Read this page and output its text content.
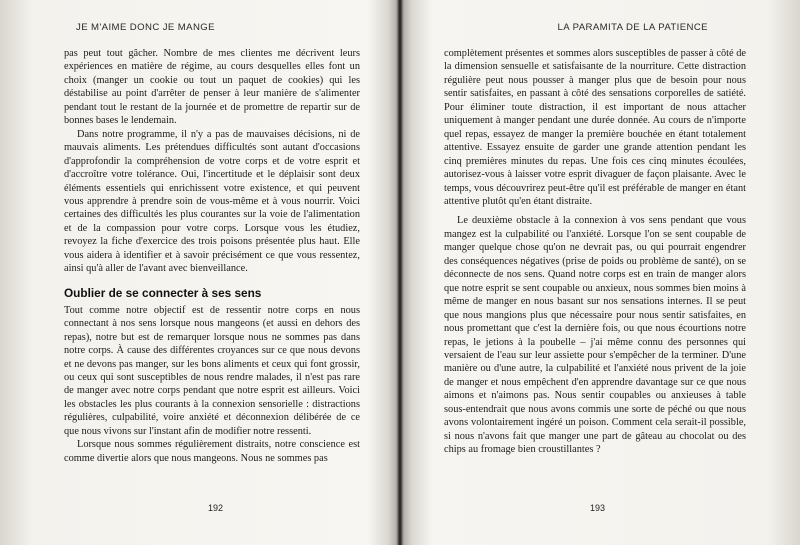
JE M'AIME DONC JE MANGE

pas peut tout gâcher. Nombre de mes clientes me décrivent leurs expériences en matière de régime, au cours desquelles elles font un choix (manger un cookie ou tout un paquet de cookies) qui les déstabilise au point d'arrêter de penser à leur manière de s'alimenter pendant tout le restant de la journée et de promettre de repartir sur de bonnes bases le lendemain.

Dans notre programme, il n'y a pas de mauvaises décisions, ni de mauvais aliments. Les prétendues difficultés sont autant d'occasions d'approfondir la compréhension de votre corps et de votre esprit et d'accroître votre tolérance. Oui, l'incertitude et le déplaisir sont deux éléments essentiels qui enrichissent votre existence, et qui peuvent vous apprendre à prendre soin de vous-même et à vous nourrir. Voici certaines des difficultés les plus courantes sur la voie de l'alimentation et de la compassion pour votre corps. Lorsque vous les étudiez, revoyez la fiche d'exercice des trois poisons présentée plus haut. Elle vous aidera à identifier et à savoir précisément ce que vous ressentez, ainsi qu'à aller de l'avant avec bienveillance.

Oublier de se connecter à ses sens

Tout comme notre objectif est de ressentir notre corps en nous connectant à nos sens lorsque nous mangeons (et aussi en dehors des repas), notre but est de remarquer lorsque nous ne sommes pas dans notre corps. À cause des différentes croyances sur ce que nous devons et ne devons pas manger, sur les bons aliments et ceux qui font grossir, ou ceux qui sont susceptibles de nous rendre malades, il n'est pas rare de manger avec notre corps pendant que notre esprit est ailleurs. Voici les obstacles les plus courants à la connexion sensorielle : distractions régulières, culpabilité, voire anxiété et déconnexion délibérée de ce que nous vivons sur l'instant afin de modifier notre ressenti.

Lorsque nous sommes régulièrement distraits, notre conscience est comme divertie alors que nous mangeons. Nous ne sommes pas

192
LA PARAMITA DE LA PATIENCE

complètement présentes et sommes alors susceptibles de passer à côté de la dimension sensuelle et satisfaisante de la nourriture. Cette distraction régulière peut nous pousser à manger plus que de besoin pour nous sentir satisfaites, en passant à côté des sensations corporelles de satiété. Pour éliminer toute distraction, il est important de nous attacher uniquement à manger pendant une durée donnée. Au cours de n'importe quel repas, essayez de manger la première bouchée en étant totalement attentive. Essayez ensuite de garder une grande attention pendant les cinq premières minutes du repas. Une fois ces cinq minutes écoulées, autorisez-vous à laisser votre esprit divaguer de façon plaisante. Avec le temps, vous découvrirez peut-être qu'il est préférable de manger en étant attentive plutôt qu'en étant distraite.

Le deuxième obstacle à la connexion à vos sens pendant que vous mangez est la culpabilité ou l'anxiété. Lorsque l'on se sent coupable de manger quelque chose qu'on ne devrait pas, ou qui pourrait engendrer des conséquences négatives (prise de poids ou problème de santé), on se déconnecte de nos sens. Quand notre corps est en train de manger alors que notre esprit se sent coupable ou anxieux, nous sommes bien moins à même de manger en nous basant sur nos sensations internes. Il se peut que nous mangions plus que nécessaire pour nous sentir satisfaites, en nous promettant que c'est la dernière fois, ou que nous écourtions notre repas, le jetions à la poubelle – j'ai même connu des personnes qui versaient de l'eau sur leur assiette pour s'empêcher de la terminer. D'une manière ou d'une autre, la culpabilité et l'anxiété nous privent de la joie de manger et nous empêchent d'en apprendre davantage sur ce que nous aimons et n'aimons pas. Nous sentir coupables ou anxieuses à table sous-entendrait que nous avons commis une sorte de péché ou que nous avons volontairement ingéré un poison. Comment cela serait-il possible, si nous n'avons fait que manger une part de gâteau au chocolat ou des chips au fromage bien croustillantes ?

193
